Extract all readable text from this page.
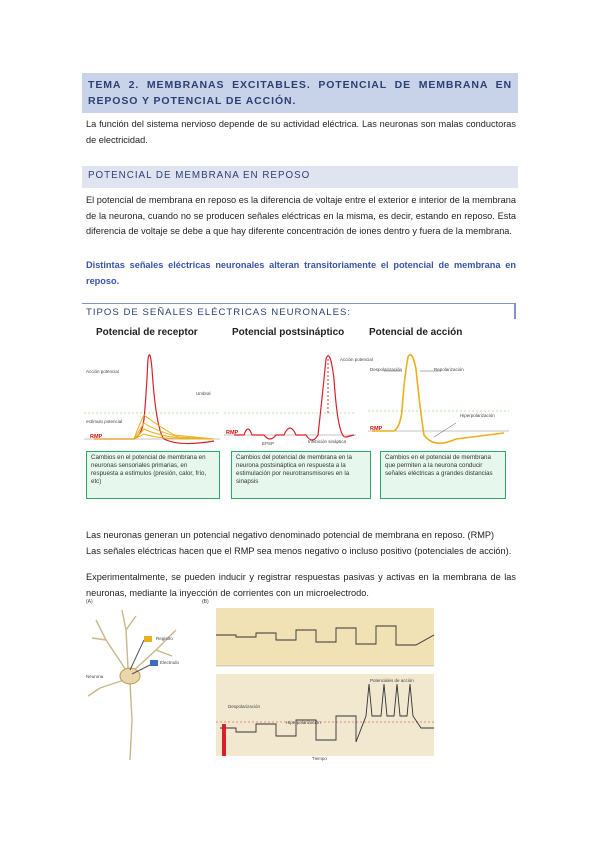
TEMA 2. MEMBRANAS EXCITABLES. POTENCIAL DE MEMBRANA EN REPOSO Y POTENCIAL DE ACCIÓN.
La función del sistema nervioso depende de su actividad eléctrica. Las neuronas son malas conductoras de electricidad.
POTENCIAL DE MEMBRANA EN REPOSO
El potencial de membrana en reposo es la diferencia de voltaje entre el exterior e interior de la membrana de la neurona, cuando no se producen señales eléctricas en la misma, es decir, estando en reposo. Esta diferencia de voltaje se debe a que hay diferente concentración de iones dentro y fuera de la membrana.
Distintas señales eléctricas neuronales alteran transitoriamente el potencial de membrana en reposo.
TIPOS DE SEÑALES ELÉCTRICAS NEURONALES:
Potencial de receptor	Potencial postsináptico Potencial de acción
Acción potencial
Umbral
estímulo potencial
RMP
Acción potencial
RMP
EPSP	Inhibición sináptica
Despolarización	Repolarización
Hiperpolarización
RMP
Cambios en el potencial de membrana en neuronas sensoriales primarias, en respuesta a estímulos (presión, calor, frío, etc)
Cambios del potencial de membrana en la neurona postsináptica en respuesta a la estimulación por neurotransmisores en la sinapsis
Cambios en el potencial de membrana que permiten a la neurona conducir señales eléctricas a grandes distancias
Las neuronas generan un potencial negativo denominado potencial de membrana en reposo. (RMP)
Las señales eléctricas hacen que el RMP sea menos negativo o incluso positivo (potenciales de acción).
Experimentalmente, se pueden inducir y registrar respuestas pasivas y activas en la membrana de las neuronas, mediante la inyección de corrientes con un microelectrodo.
(A)	(B)
Registro
Electrodo
Neurona
Potenciales de acción
Despolarización
Hiperpolarización
Tiempo
